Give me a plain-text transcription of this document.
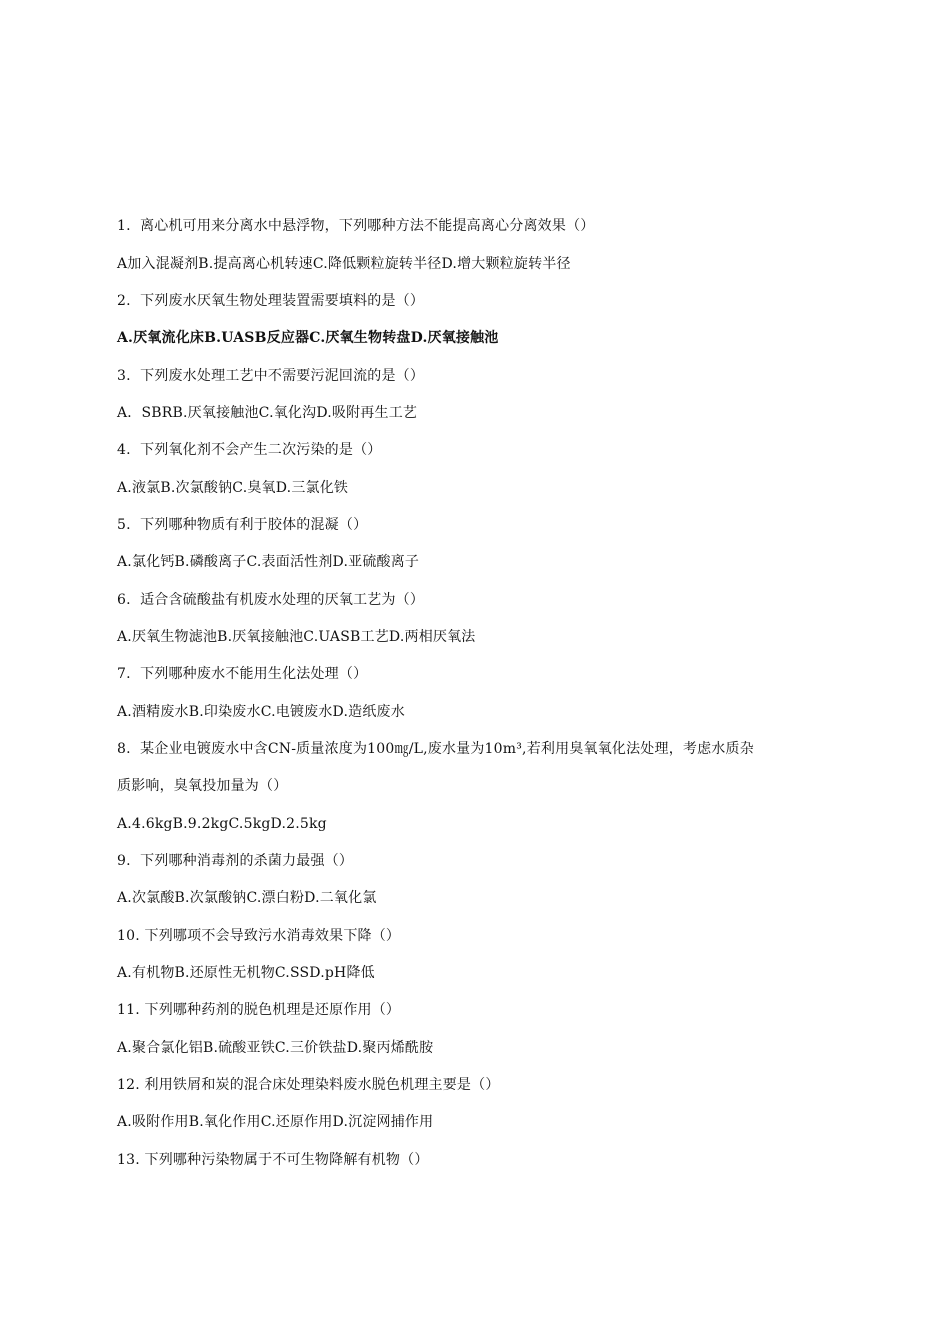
1. 离心机可用来分离水中悬浮物，下列哪种方法不能提高离心分离效果（）
A加入混凝剂B.提高离心机转速C.降低颗粒旋转半径D.增大颗粒旋转半径
2. 下列废水厌氧生物处理装置需要填料的是（）
A.厌氧流化床B.UASB反应器C.厌氧生物转盘D.厌氧接触池
3. 下列废水处理工艺中不需要污泥回流的是（）
A．SBRB.厌氧接触池C.氧化沟D.吸附再生工艺
4. 下列氧化剂不会产生二次污染的是（）
A.液氯B.次氯酸钠C.臭氧D.三氯化铁
5. 下列哪种物质有利于胶体的混凝（）
A.氯化钙B.磷酸离子C.表面活性剂D.亚硫酸离子
6. 适合含硫酸盐有机废水处理的厌氧工艺为（）
A.厌氧生物滤池B.厌氧接触池C.UASB工艺D.两相厌氧法
7. 下列哪种废水不能用生化法处理（）
A.酒精废水B.印染废水C.电镀废水D.造纸废水
8. 某企业电镀废水中含CN-质量浓度为100㎎/L,废水量为10m³,若利用臭氧氧化法处理，考虑水质杂
质影响，臭氧投加量为（）
A.4.6kgB.9.2kgC.5kgD.2.5kg
9. 下列哪种消毒剂的杀菌力最强（）
A.次氯酸B.次氯酸钠C.漂白粉D.二氧化氯
10. 下列哪项不会导致污水消毒效果下降（）
A.有机物B.还原性无机物C.SSD.pH降低
11. 下列哪种药剂的脱色机理是还原作用（）
A.聚合氯化铝B.硫酸亚铁C.三价铁盐D.聚丙烯酰胺
12. 利用铁屑和炭的混合床处理染料废水脱色机理主要是（）
A.吸附作用B.氧化作用C.还原作用D.沉淀网捕作用
13. 下列哪种污染物属于不可生物降解有机物（）
